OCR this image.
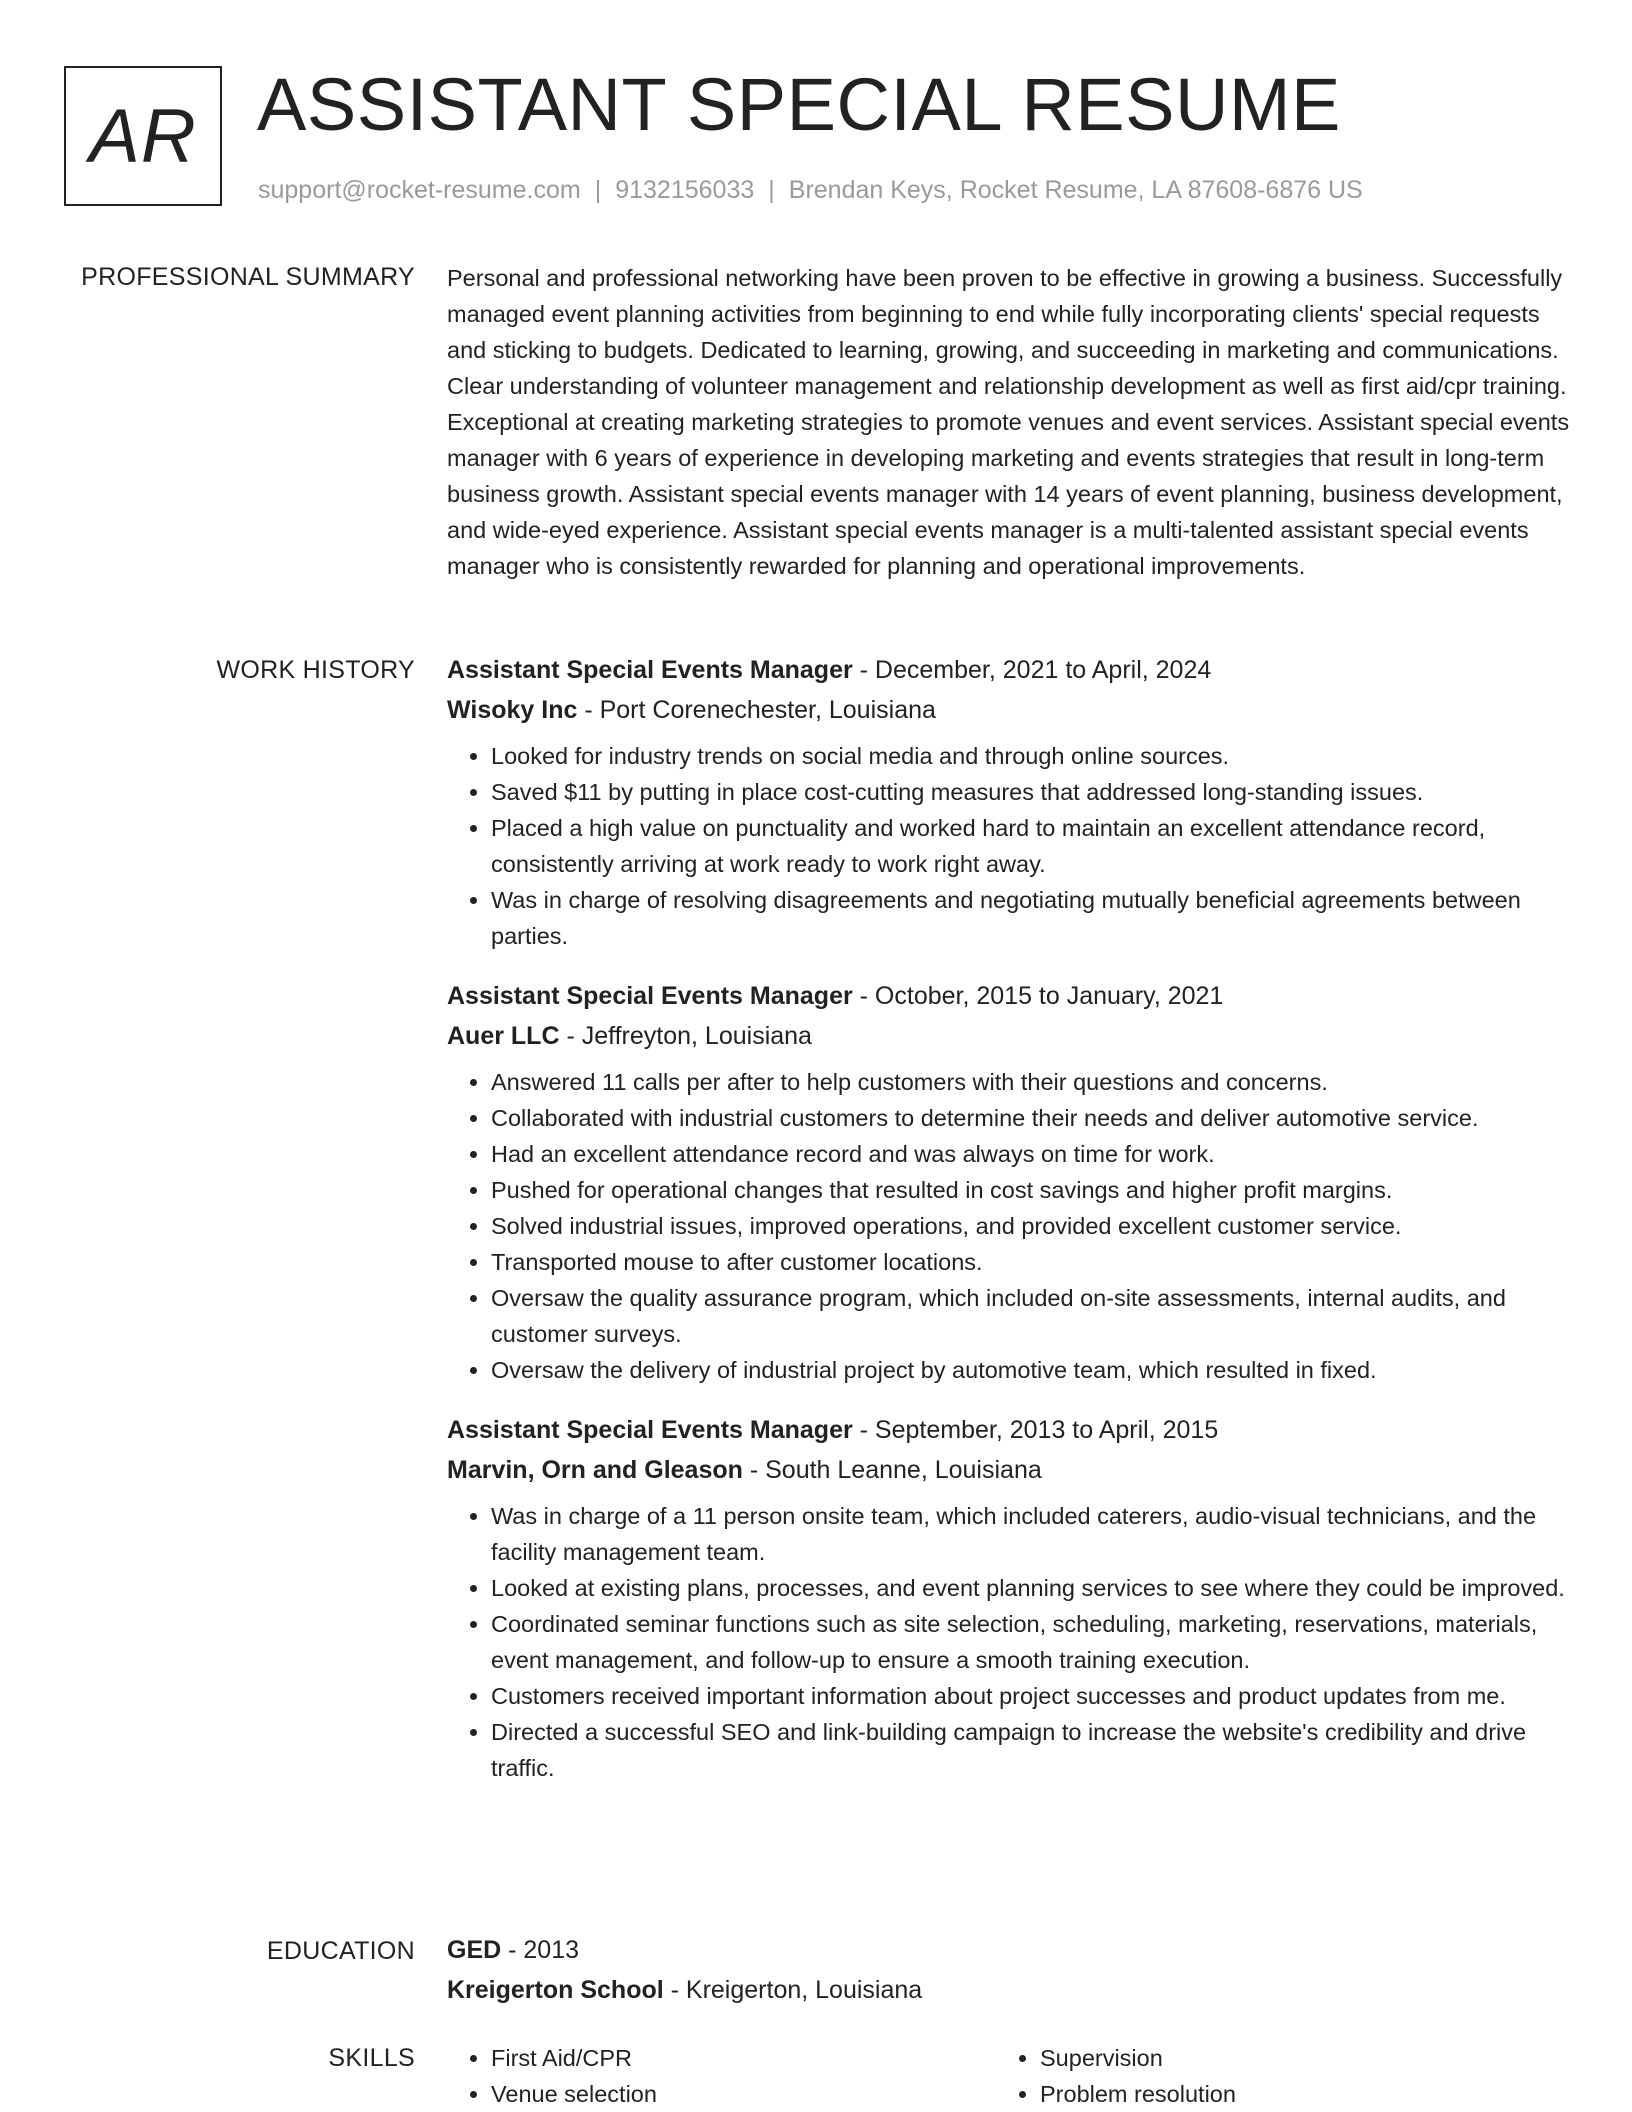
AR ASSISTANT SPECIAL RESUME
support@rocket-resume.com | 9132156033 | Brendan Keys, Rocket Resume, LA 87608-6876 US
PROFESSIONAL SUMMARY Personal and professional networking have been proven to be effective in growing a business. Successfully managed event planning activities from beginning to end while fully incorporating clients' special requests and sticking to budgets. Dedicated to learning, growing, and succeeding in marketing and communications. Clear understanding of volunteer management and relationship development as well as first aid/cpr training. Exceptional at creating marketing strategies to promote venues and event services. Assistant special events manager with 6 years of experience in developing marketing and events strategies that result in long-term business growth. Assistant special events manager with 14 years of event planning, business development, and wide-eyed experience. Assistant special events manager is a multi-talented assistant special events manager who is consistently rewarded for planning and operational improvements.

WORK HISTORY Assistant Special Events Manager - December, 2021 to April, 2024
Wisoky Inc - Port Corenechester, Louisiana
• Looked for industry trends on social media and through online sources.
• Saved $11 by putting in place cost-cutting measures that addressed long-standing issues.
• Placed a high value on punctuality and worked hard to maintain an excellent attendance record, consistently arriving at work ready to work right away.
• Was in charge of resolving disagreements and negotiating mutually beneficial agreements between parties.
Assistant Special Events Manager - October, 2015 to January, 2021
Auer LLC - Jeffreyton, Louisiana
• Answered 11 calls per after to help customers with their questions and concerns.
• Collaborated with industrial customers to determine their needs and deliver automotive service.
• Had an excellent attendance record and was always on time for work.
• Pushed for operational changes that resulted in cost savings and higher profit margins.
• Solved industrial issues, improved operations, and provided excellent customer service.
• Transported mouse to after customer locations.
• Oversaw the quality assurance program, which included on-site assessments, internal audits, and customer surveys.
• Oversaw the delivery of industrial project by automotive team, which resulted in fixed.
Assistant Special Events Manager - September, 2013 to April, 2015
Marvin, Orn and Gleason - South Leanne, Louisiana
• Was in charge of a 11 person onsite team, which included caterers, audio-visual technicians, and the facility management team.
• Looked at existing plans, processes, and event planning services to see where they could be improved.
• Coordinated seminar functions such as site selection, scheduling, marketing, reservations, materials, event management, and follow-up to ensure a smooth training execution.
• Customers received important information about project successes and product updates from me.
• Directed a successful SEO and link-building campaign to increase the website's credibility and drive traffic.
EDUCATION GED - 2013
Kreigerton School - Kreigerton, Louisiana
SKILLS
•	First Aid/CPR
• Venue selection
• Supervision
• Problem resolution
